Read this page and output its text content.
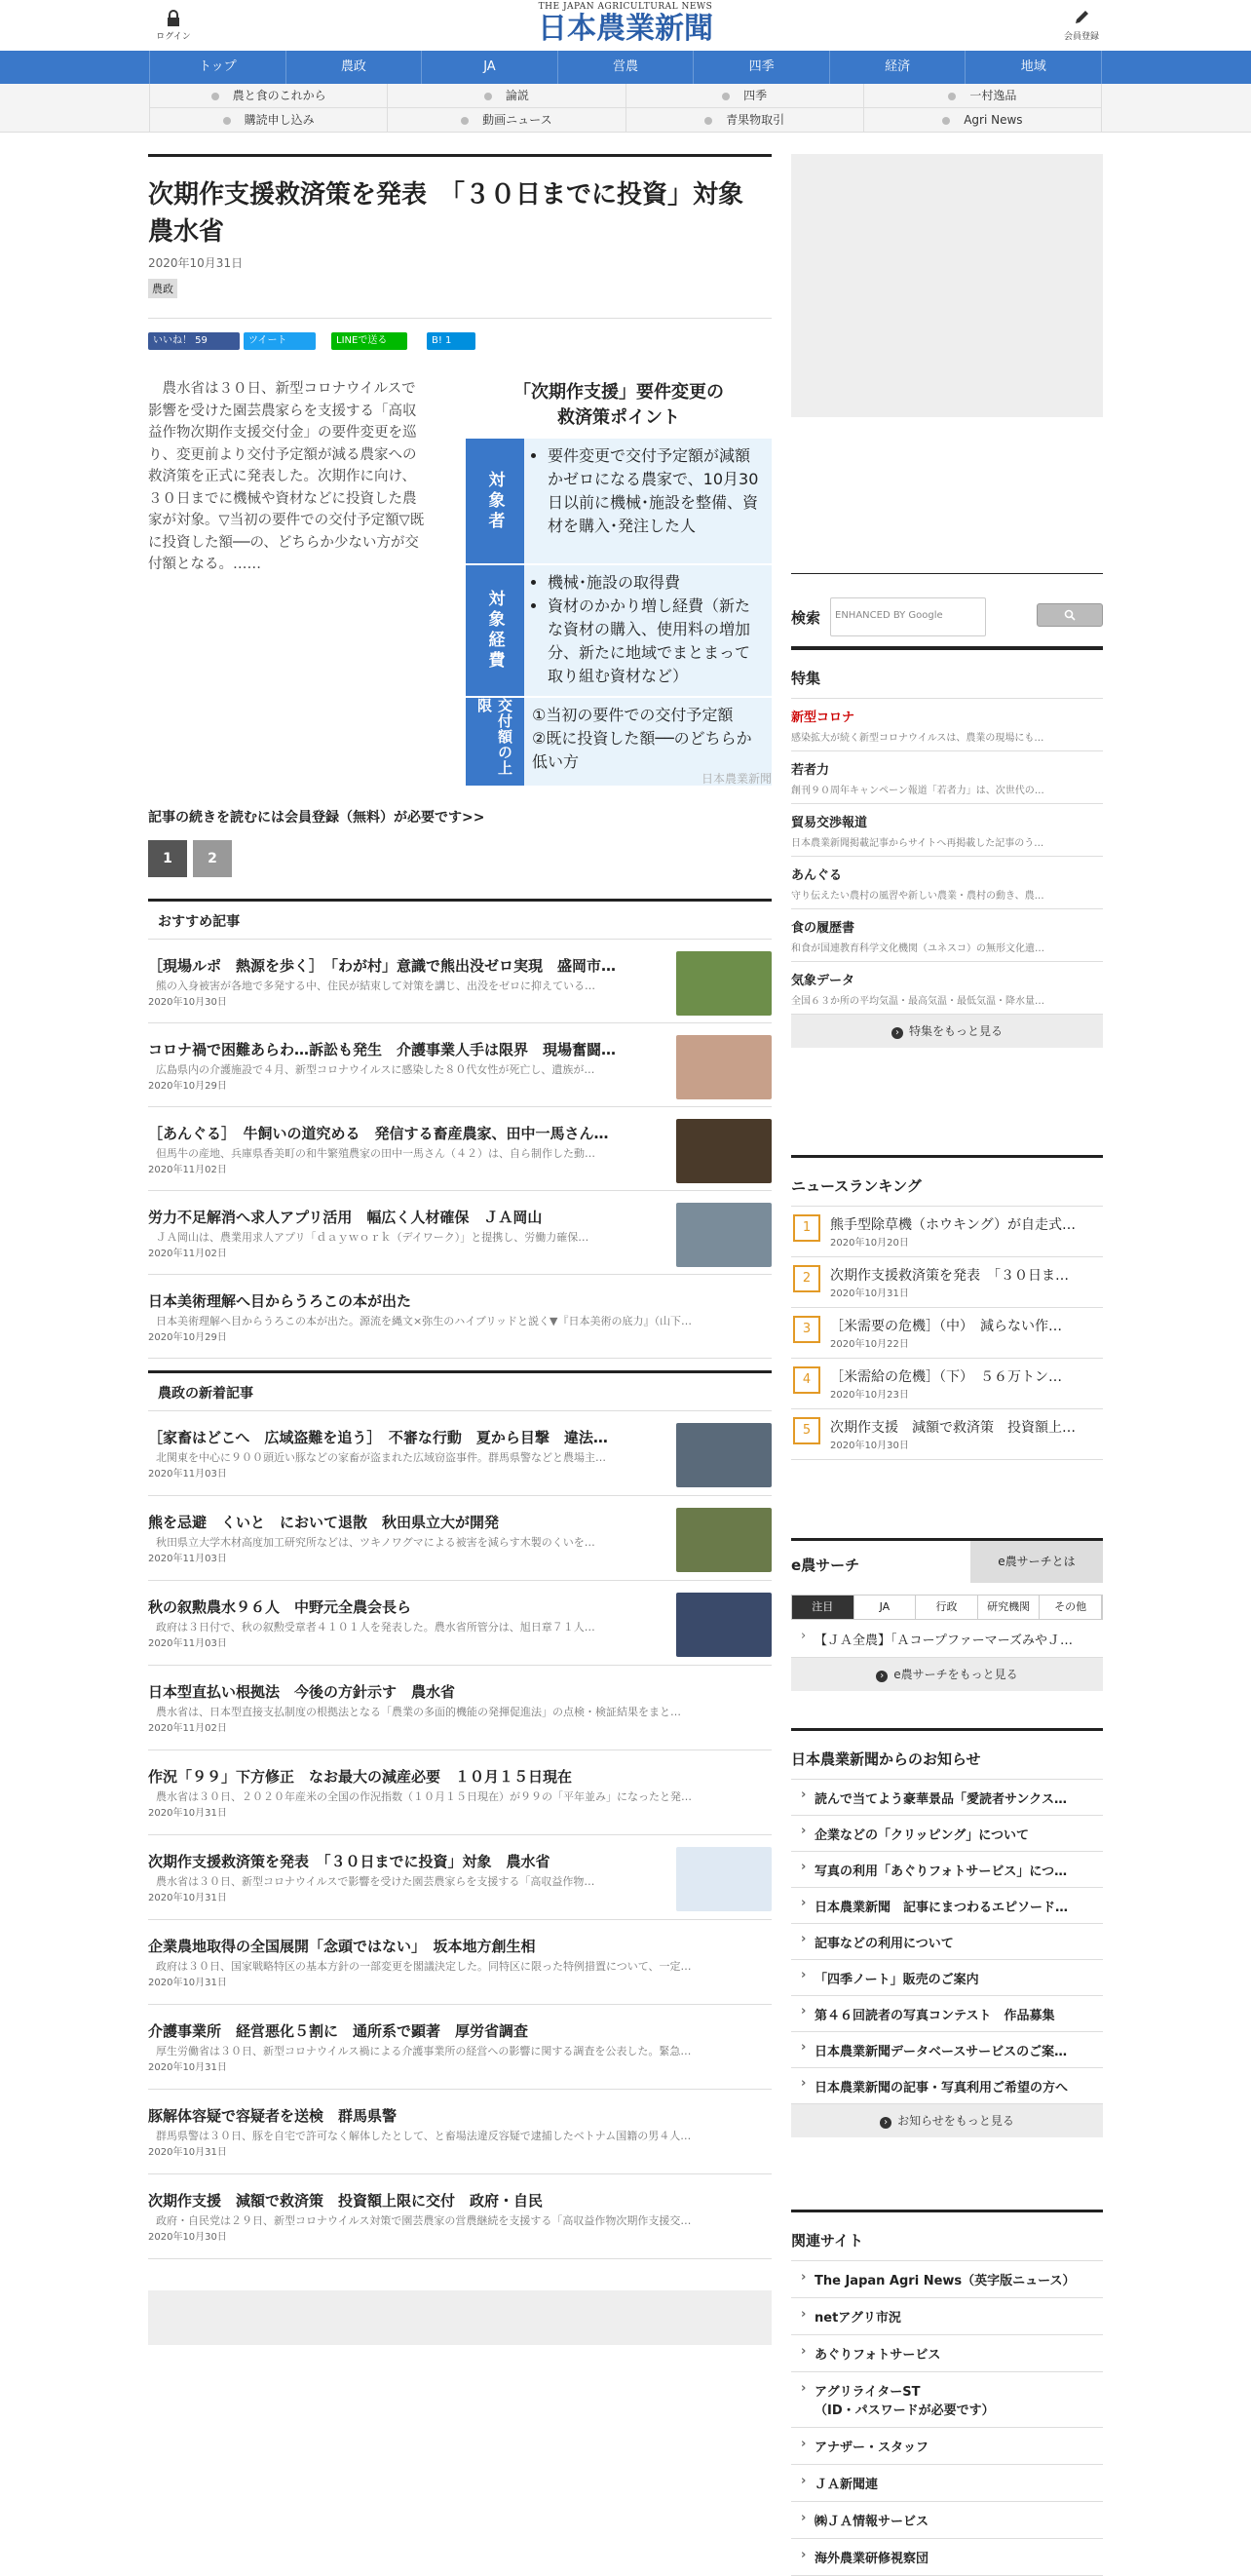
ログイン
THE JAPAN AGRICULTURAL NEWS
日本農業新聞	会員登録
トップ	農政	JA	営農	四季	経済	地域
農と食のこれから	論説	四季	一村逸品
購読申し込み	動画ニュース	青果物取引	Agri News
次期作支援救済策を発表　「３０日までに投資」対象　農水省
2020年10月31日
農政
いいね！ 59	ツイート	LINEで送る	B! 1

農水省は３０日、新型コロナウイルスで影響を受けた園芸農家らを支援する「高収益作物次期作支援交付金」の要件変更を巡り、変更前より交付予定額が減る農家への救済策を正式に発表した。次期作に向け、３０日までに機械や資材などに投資した農家が対象。▽当初の要件での交付予定額▽既に投資した額──の、どちらか少ない方が交付額となる。……

「次期作支援」要件変更の
救済策ポイント
対象者
• 要件変更で交付予定額が減額かゼロになる農家で、10月30日以前に機械･施設を整備、資材を購入･発注した人
対象経費
• 機械･施設の取得費
• 資材のかかり増し経費（新たな資材の購入、使用料の増加分、新たに地域でまとまって取り組む資材など）
交付額の上限	①当初の要件での交付予定額
②既に投資した額──のどちらか低い方
日本農業新聞
記事の続きを読むには会員登録（無料）が必要です>>
1	2
おすすめ記事
［現場ルポ　熱源を歩く］　「わが村」意識で熊出没ゼロ実現　盛岡市…
熊の入身被害が各地で多発する中、住民が結束して対策を講じ、出没をゼロに抑えている…
2020年10月30日
コロナ禍で困難あらわ…訴訟も発生　介護事業人手は限界　現場奮闘…
広島県内の介護施設で４月、新型コロナウイルスに感染した８０代女性が死亡し、遺族が…
2020年10月29日
［あんぐる］　牛飼いの道究める　発信する畜産農家、田中一馬さん…
但馬牛の産地、兵庫県香美町の和牛繁殖農家の田中一馬さん（４２）は、自ら制作した動…
2020年11月02日
労力不足解消へ求人アプリ活用　幅広く人材確保　ＪＡ岡山
ＪＡ岡山は、農業用求人アプリ「ｄａｙｗｏｒｋ（デイワーク）」と提携し、労働力確保…
2020年11月02日
日本美術理解へ目からうろこの本が出た
日本美術理解へ目からうろこの本が出た。源流を縄文×弥生のハイブリッドと説く▼『日本美術の底力』（山下…
2020年10月29日
農政の新着記事
［家畜はどこへ　広域盗難を追う］　不審な行動　夏から目撃　違法…
北関東を中心に９００頭近い豚などの家畜が盗まれた広域窃盗事件。群馬県警などと農場主…
2020年11月03日
熊を忌避　くいと　において退散　秋田県立大が開発
秋田県立大学木材高度加工研究所などは、ツキノワグマによる被害を減らす木製のくいを…
2020年11月03日
秋の叙勲農水９６人　中野元全農会長ら
政府は３日付で、秋の叙勲受章者４１０１人を発表した。農水省所管分は、旭日章７１人…
2020年11月03日
日本型直払い根拠法　今後の方針示す　農水省
農水省は、日本型直接支払制度の根拠法となる「農業の多面的機能の発揮促進法」の点検・検証結果をまと…
2020年11月02日
作況「９９」下方修正　なお最大の減産必要　１０月１５日現在
農水省は３０日、２０２０年産米の全国の作況指数（１０月１５日現在）が９９の「平年並み」になったと発…
2020年10月31日
次期作支援救済策を発表　「３０日までに投資」対象　農水省
農水省は３０日、新型コロナウイルスで影響を受けた園芸農家らを支援する「高収益作物…
2020年10月31日
企業農地取得の全国展開「念頭ではない」　坂本地方創生相
政府は３０日、国家戦略特区の基本方針の一部変更を閣議決定した。同特区に限った特例措置について、一定…
2020年10月31日
介護事業所　経営悪化５割に　通所系で顕著　厚労省調査
厚生労働省は３０日、新型コロナウイルス禍による介護事業所の経営への影響に関する調査を公表した。緊急…
2020年10月31日
豚解体容疑で容疑者を送検　群馬県警
群馬県警は３０日、豚を自宅で許可なく解体したとして、と畜場法違反容疑で逮捕したベトナム国籍の男４人…
2020年10月31日
次期作支援　減額で救済策　投資額上限に交付　政府・自民
政府・自民党は２９日、新型コロナウイルス対策で園芸農家の営農継続を支援する「高収益作物次期作支援交…
2020年10月30日
検索	ENHANCED BY Google
特集
新型コロナ
感染拡大が続く新型コロナウイルスは、農業の現場にも…
若者力
創刊９０周年キャンペーン報道「若者力」は、次世代の…
貿易交渉報道
日本農業新聞掲載記事からサイトへ再掲載した記事のう…
あんぐる
守り伝えたい農村の風習や新しい農業・農村の動き、農…
食の履歴書
和食が国連教育科学文化機関（ユネスコ）の無形文化遺…
気象データ
全国６３か所の平均気温・最高気温・最低気温・降水量…
› 特集をもっと見る
ニュースランキング
1	熊手型除草機（ホウキング）が自走式…
2020年10月20日
2	次期作支援救済策を発表　「３０日ま…
2020年10月31日
3	［米需要の危機］（中）　減らない作…
2020年10月22日
4	［米需給の危機］（下）　５６万トン…
2020年10月23日
5	次期作支援　減額で救済策　投資額上…
2020年10月30日
e農サーチ	e農サーチとは
注目	JA	行政	研究機関	その他
› 【ＪＡ全農】「ＡコープファーマーズみやＪ…
› e農サーチをもっと見る
日本農業新聞からのお知らせ
› 読んで当てよう豪華景品「愛読者サンクス…
› 企業などの「クリッピング」について
› 写真の利用「あぐりフォトサービス」につ…
› 日本農業新聞　記事にまつわるエピソード…
› 記事などの利用について
› 「四季ノート」販売のご案内
› 第４６回読者の写真コンテスト　作品募集
› 日本農業新聞データベースサービスのご案…
› 日本農業新聞の記事・写真利用ご希望の方へ
› お知らせをもっと見る
関連サイト
› The Japan Agri News（英字版ニュース）
› netアグリ市況
› あぐりフォトサービス
› アグリライターST
（ID・パスワードが必要です）
› アナザー・スタッフ
› ＪＡ新聞連
› ㈱ＪＡ情報サービス
› 海外農業研修視察団
